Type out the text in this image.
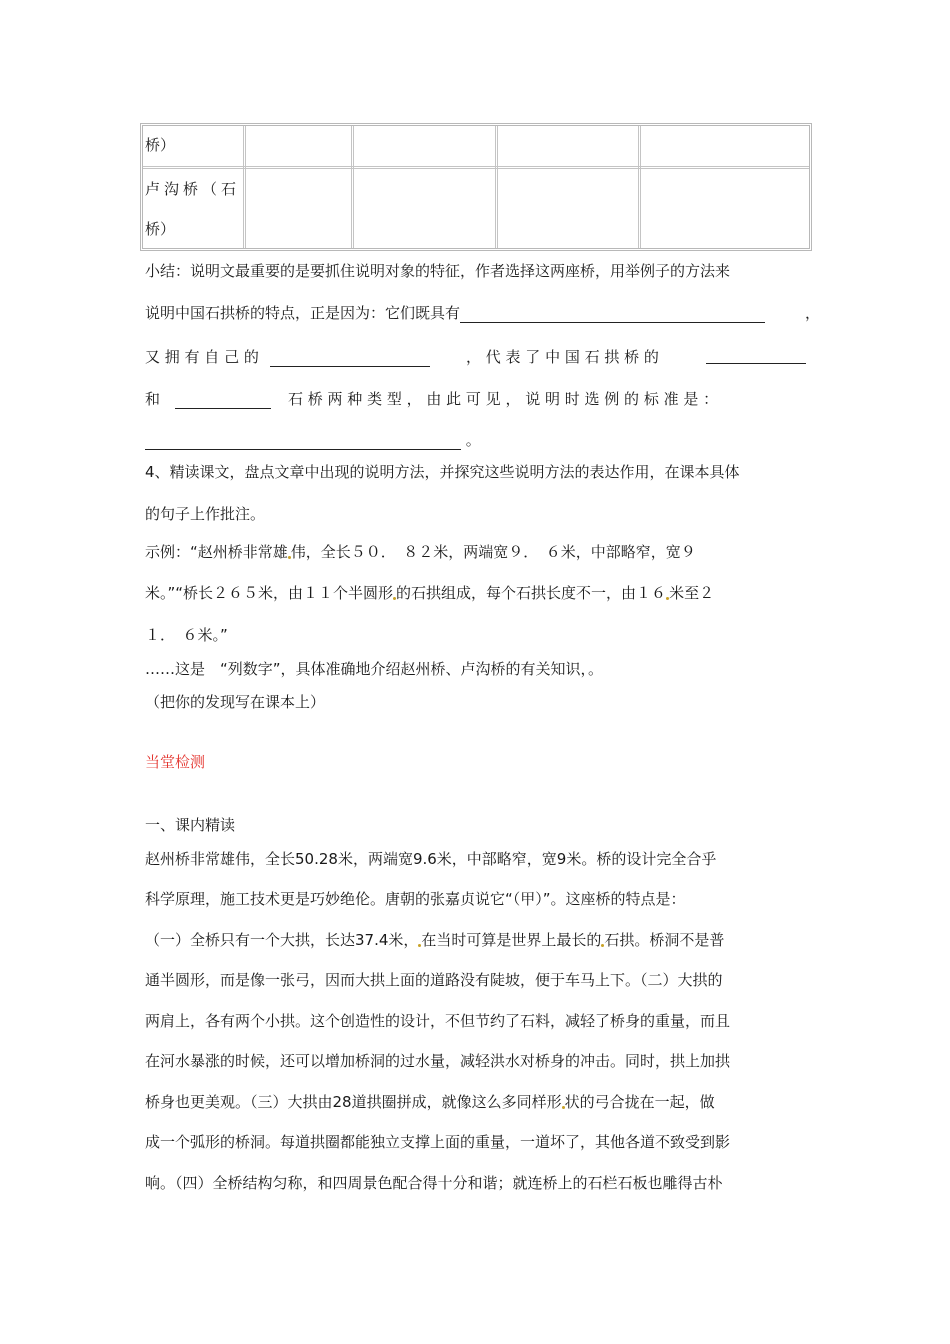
桥）
卢沟桥（石
桥）
小结：说明文最重要的是要抓住说明对象的特征，作者选择这两座桥，用举例子的方法来
说明中国石拱桥的特点，正是因为：它们既具有	，
又 拥 有 自 己 的	， 代 表 了 中 国 石 拱 桥 的
和	石 桥 两 种 类 型 ， 由 此 可 见 ， 说 明 时 选 例 的 标 准 是 ：
。
4、精读课文，盘点文章中出现的说明方法，并探究这些说明方法的表达作用，在课本具体
的句子上作批注。
示例：“赵州桥非常雄 伟，全长５０．　８２米，两端宽９．　６米，中部略窄，宽９
米。”“桥长２６５米，由１１个半圆形 的石拱组成，每个石拱长度不一，由１６ 米至２
１．　６米。”
……这是　“列数字”，具体准确地介绍赵州桥、卢沟桥的有关知识，。
（把你的发现写在课本上）
当堂检测
一、课内精读
赵州桥非常雄伟，全长50.28米，两端宽9.6米，中部略窄，宽9米。桥的设计完全合乎
科学原理，施工技术更是巧妙绝伦。唐朝的张嘉贞说它“（甲）”。这座桥的特点是：
（一）全桥只有一个大拱，长达37.4米， 在当时可算是世界上最长的 石拱。桥洞不是普
通半圆形，而是像一张弓，因而大拱上面的道路没有陡坡，便于车马上下。（二）大拱的
两肩上，各有两个小拱。这个创造性的设计，不但节约了石料，减轻了桥身的重量，而且
在河水暴涨的时候，还可以增加桥洞的过水量，减轻洪水对桥身的冲击。同时，拱上加拱
桥身也更美观。（三）大拱由28道拱圈拼成，就像这么多同样形 状的弓合拢在一起，做
成一个弧形的桥洞。每道拱圈都能独立支撑上面的重量，一道坏了，其他各道不致受到影
响。（四）全桥结构匀称，和四周景色配合得十分和谐；就连桥上的石栏石板也雕得古朴
